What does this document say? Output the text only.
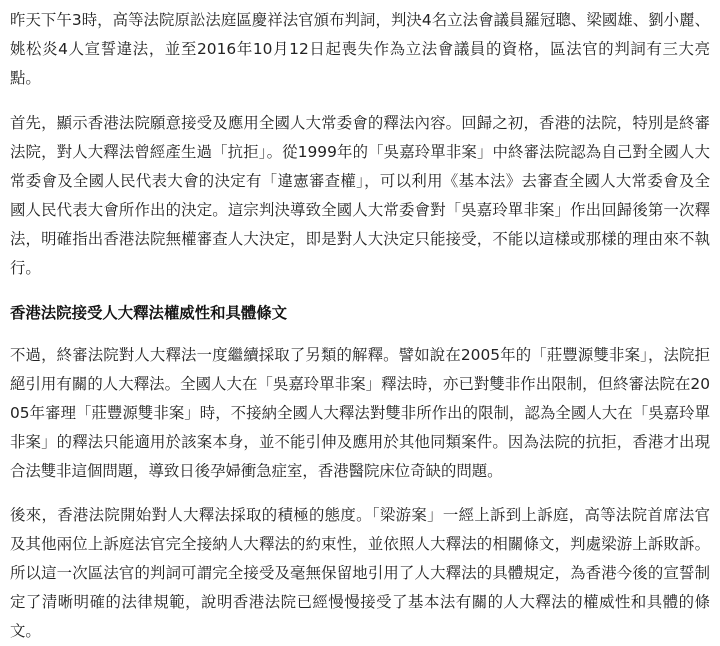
昨天下午3時，高等法院原訟法庭區慶祥法官頒布判詞，判決4名立法會議員羅冠聰、梁國雄、劉小麗、姚松炎4人宣誓違法，並至2016年10月12日起喪失作為立法會議員的資格，區法官的判詞有三大亮點。

首先，顯示香港法院願意接受及應用全國人大常委會的釋法內容。回歸之初，香港的法院，特別是終審法院，對人大釋法曾經產生過「抗拒」。從1999年的「吳嘉玲單非案」中終審法院認為自己對全國人大常委會及全國人民代表大會的決定有「違憲審查權」，可以利用《基本法》去審查全國人大常委會及全國人民代表大會所作出的決定。這宗判決導致全國人大常委會對「吳嘉玲單非案」作出回歸後第一次釋法，明確指出香港法院無權審查人大決定，即是對人大決定只能接受，不能以這樣或那樣的理由來不執行。

香港法院接受人大釋法權威性和具體條文

不過，終審法院對人大釋法一度繼續採取了另類的解釋。譬如說在2005年的「莊豐源雙非案」，法院拒絕引用有關的人大釋法。全國人大在「吳嘉玲單非案」釋法時，亦已對雙非作出限制，但終審法院在2005年審理「莊豐源雙非案」時，不接納全國人大釋法對雙非所作出的限制，認為全國人大在「吳嘉玲單非案」的釋法只能適用於該案本身，並不能引伸及應用於其他同類案件。因為法院的抗拒，香港才出現合法雙非這個問題，導致日後孕婦衝急症室，香港醫院床位奇缺的問題。

後來，香港法院開始對人大釋法採取的積極的態度。「梁游案」一經上訴到上訴庭，高等法院首席法官及其他兩位上訴庭法官完全接納人大釋法的約束性，並依照人大釋法的相關條文，判處梁游上訴敗訴。所以這一次區法官的判詞可謂完全接受及毫無保留地引用了人大釋法的具體規定，為香港今後的宣誓制定了清晰明確的法律規範，說明香港法院已經慢慢接受了基本法有關的人大釋法的權威性和具體的條文。
